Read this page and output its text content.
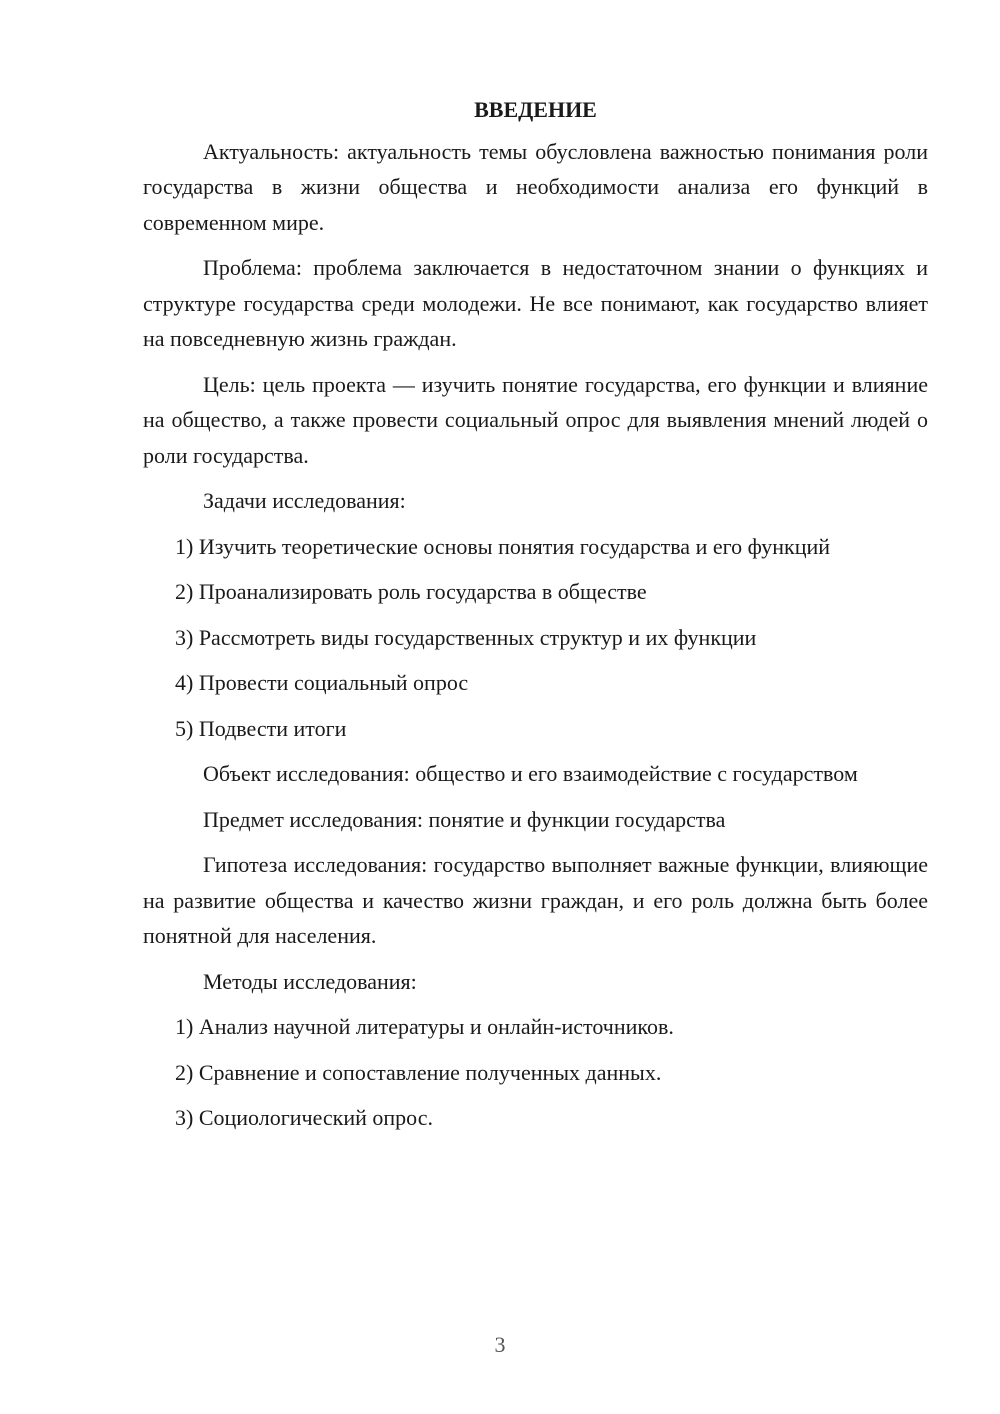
ВВЕДЕНИЕ

Актуальность: актуальность темы обусловлена важностью понимания роли государства в жизни общества и необходимости анализа его функций в современном мире.

Проблема: проблема заключается в недостаточном знании о функциях и структуре государства среди молодежи. Не все понимают, как государство влияет на повседневную жизнь граждан.

Цель: цель проекта — изучить понятие государства, его функции и влияние на общество, а также провести социальный опрос для выявления мнений людей о роли государства.

Задачи исследования:

1) Изучить теоретические основы понятия государства и его функций
2) Проанализировать роль государства в обществе
3) Рассмотреть виды государственных структур и их функции
4) Провести социальный опрос
5) Подвести итоги

Объект исследования: общество и его взаимодействие с государством

Предмет исследования: понятие и функции государства

Гипотеза исследования: государство выполняет важные функции, влияющие на развитие общества и качество жизни граждан, и его роль должна быть более понятной для населения.

Методы исследования:

1) Анализ научной литературы и онлайн-источников.
2) Сравнение и сопоставление полученных данных.
3) Социологический опрос.
3
